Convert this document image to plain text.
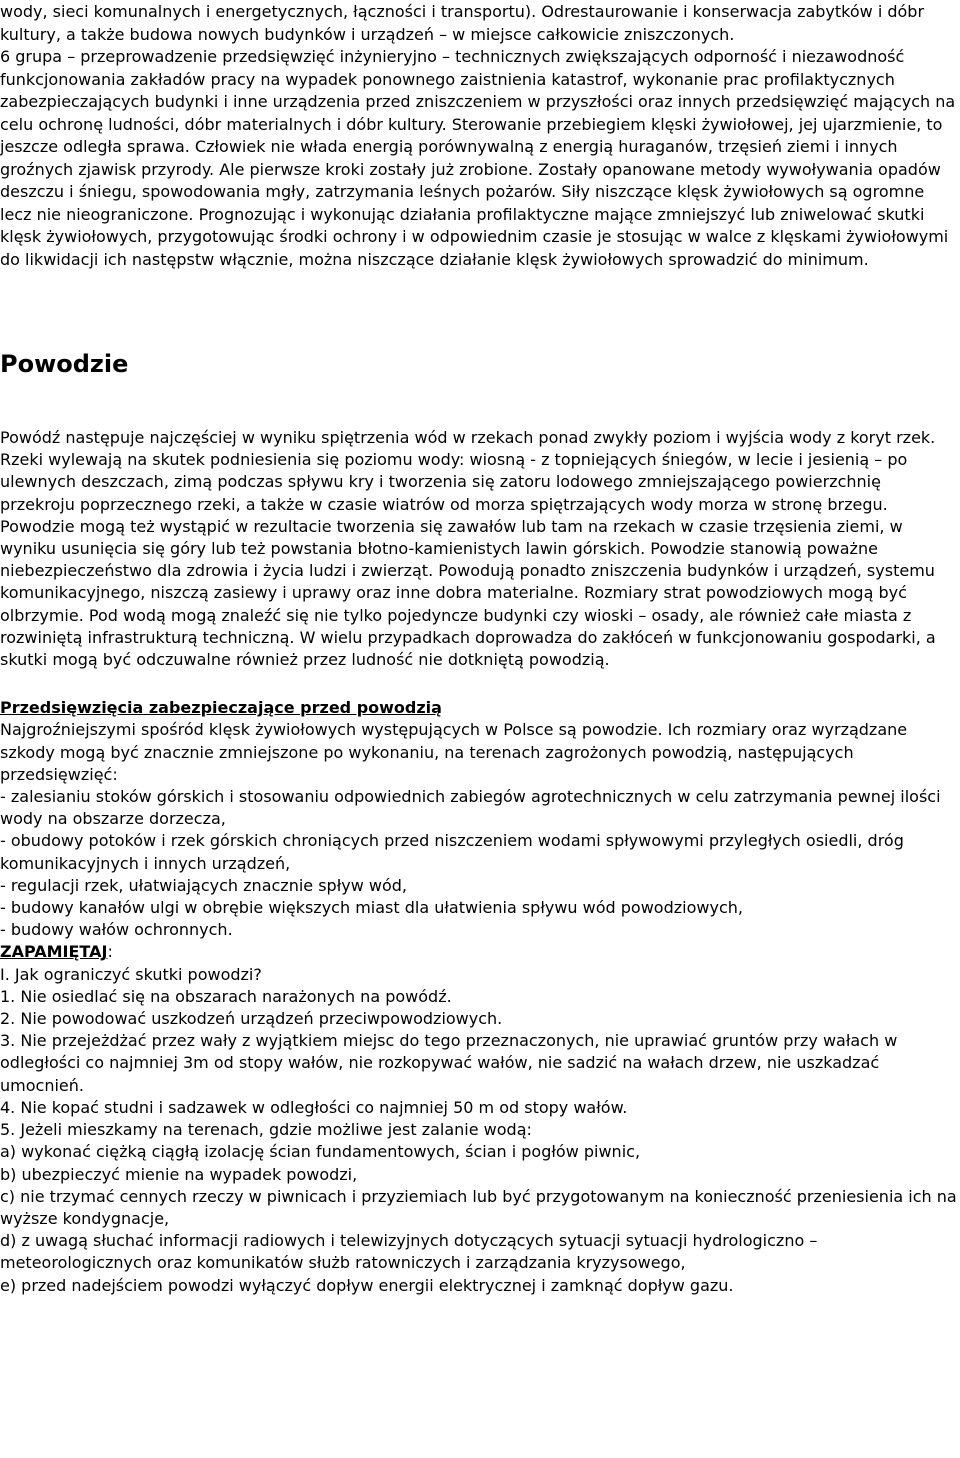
wody, sieci komunalnych i energetycznych, łączności i transportu). Odrestaurowanie i konserwacja zabytków i dóbr kultury, a także budowa nowych budynków i urządzeń – w miejsce całkowicie zniszczonych.

6 grupa – przeprowadzenie przedsięwzięć inżynieryjno – technicznych zwiększających odporność i niezawodność funkcjonowania zakładów pracy na wypadek ponownego zaistnienia katastrof, wykonanie prac profilaktycznych zabezpieczających budynki i inne urządzenia przed zniszczeniem w przyszłości oraz innych przedsięwzięć mających na celu ochronę ludności, dóbr materialnych i dóbr kultury. Sterowanie przebiegiem klęski żywiołowej, jej ujarzmienie, to jeszcze odległa sprawa. Człowiek nie włada energią porównywalną z energią huraganów, trzęsień ziemi i innych groźnych zjawisk przyrody. Ale pierwsze kroki zostały już zrobione. Zostały opanowane metody wywoływania opadów deszczu i śniegu, spowodowania mgły, zatrzymania leśnych pożarów. Siły niszczące klęsk żywiołowych są ogromne lecz nie nieograniczone. Prognozując i wykonując działania profilaktyczne mające zmniejszyć lub zniwelować skutki klęsk żywiołowych, przygotowując środki ochrony i w odpowiednim czasie je stosując w walce z klęskami żywiołowymi do likwidacji ich następstw włącznie, można niszczące działanie klęsk żywiołowych sprowadzić do minimum.

Powodzie

Powódź następuje najczęściej w wyniku spiętrzenia wód w rzekach ponad zwykły poziom i wyjścia wody z koryt rzek. Rzeki wylewają na skutek podniesienia się poziomu wody: wiosną - z topniejących śniegów, w lecie i jesienią – po ulewnych deszczach, zimą podczas spływu kry i tworzenia się zatoru lodowego zmniejszającego powierzchnię przekroju poprzecznego rzeki, a także w czasie wiatrów od morza spiętrzających wody morza w stronę brzegu. Powodzie mogą też wystąpić w rezultacie tworzenia się zawałów lub tam na rzekach w czasie trzęsienia ziemi, w wyniku usunięcia się góry lub też powstania błotno-kamienistych lawin górskich. Powodzie stanowią poważne niebezpieczeństwo dla zdrowia i życia ludzi i zwierząt. Powodują ponadto zniszczenia budynków i urządzeń, systemu komunikacyjnego, niszczą zasiewy i uprawy oraz inne dobra materialne. Rozmiary strat powodziowych mogą być olbrzymie. Pod wodą mogą znaleźć się nie tylko pojedyncze budynki czy wioski – osady, ale również całe miasta z rozwiniętą infrastrukturą techniczną. W wielu przypadkach doprowadza do zakłóceń w funkcjonowaniu gospodarki, a skutki mogą być odczuwalne również przez ludność nie dotkniętą powodzią.

Przedsięwzięcia zabezpieczające przed powodzią

Najgroźniejszymi spośród klęsk żywiołowych występujących w Polsce są powodzie. Ich rozmiary oraz wyrządzane szkody mogą być znacznie zmniejszone po wykonaniu, na terenach zagrożonych powodzią, następujących przedsięwzięć:

- zalesianiu stoków górskich i stosowaniu odpowiednich zabiegów agrotechnicznych w celu zatrzymania pewnej ilości wody na obszarze dorzecza,
- obudowy potoków i rzek górskich chroniących przed niszczeniem wodami spływowymi przyległych osiedli, dróg komunikacyjnych i innych urządzeń,
- regulacji rzek, ułatwiających znacznie spływ wód,
- budowy kanałów ulgi w obrębie większych miast dla ułatwienia spływu wód powodziowych,
- budowy wałów ochronnych.

ZAPAMIĘTAJ:

I. Jak ograniczyć skutki powodzi?

1. Nie osiedlać się na obszarach narażonych na powódź.
2. Nie powodować uszkodzeń urządzeń przeciwpowodziowych.
3. Nie przejeżdżać przez wały z wyjątkiem miejsc do tego przeznaczonych, nie uprawiać gruntów przy wałach w odległości co najmniej 3m od stopy wałów, nie rozkopywać wałów, nie sadzić na wałach drzew, nie uszkadzać umocnień.
4. Nie kopać studni i sadzawek w odległości co najmniej 50 m od stopy wałów.
5. Jeżeli mieszkamy na terenach, gdzie możliwe jest zalanie wodą:
a) wykonać ciężką ciągłą izolację ścian fundamentowych, ścian i pogłów piwnic,
b) ubezpieczyć mienie na wypadek powodzi,
c) nie trzymać cennych rzeczy w piwnicach i przyziemiach lub być przygotowanym na konieczność przeniesienia ich na wyższe kondygnacje,
d) z uwagą słuchać informacji radiowych i telewizyjnych dotyczących sytuacji sytuacji hydrologiczno – meteorologicznych oraz komunikatów służb ratowniczych i zarządzania kryzysowego,
e) przed nadejściem powodzi wyłączyć dopływ energii elektrycznej i zamknąć dopływ gazu.
